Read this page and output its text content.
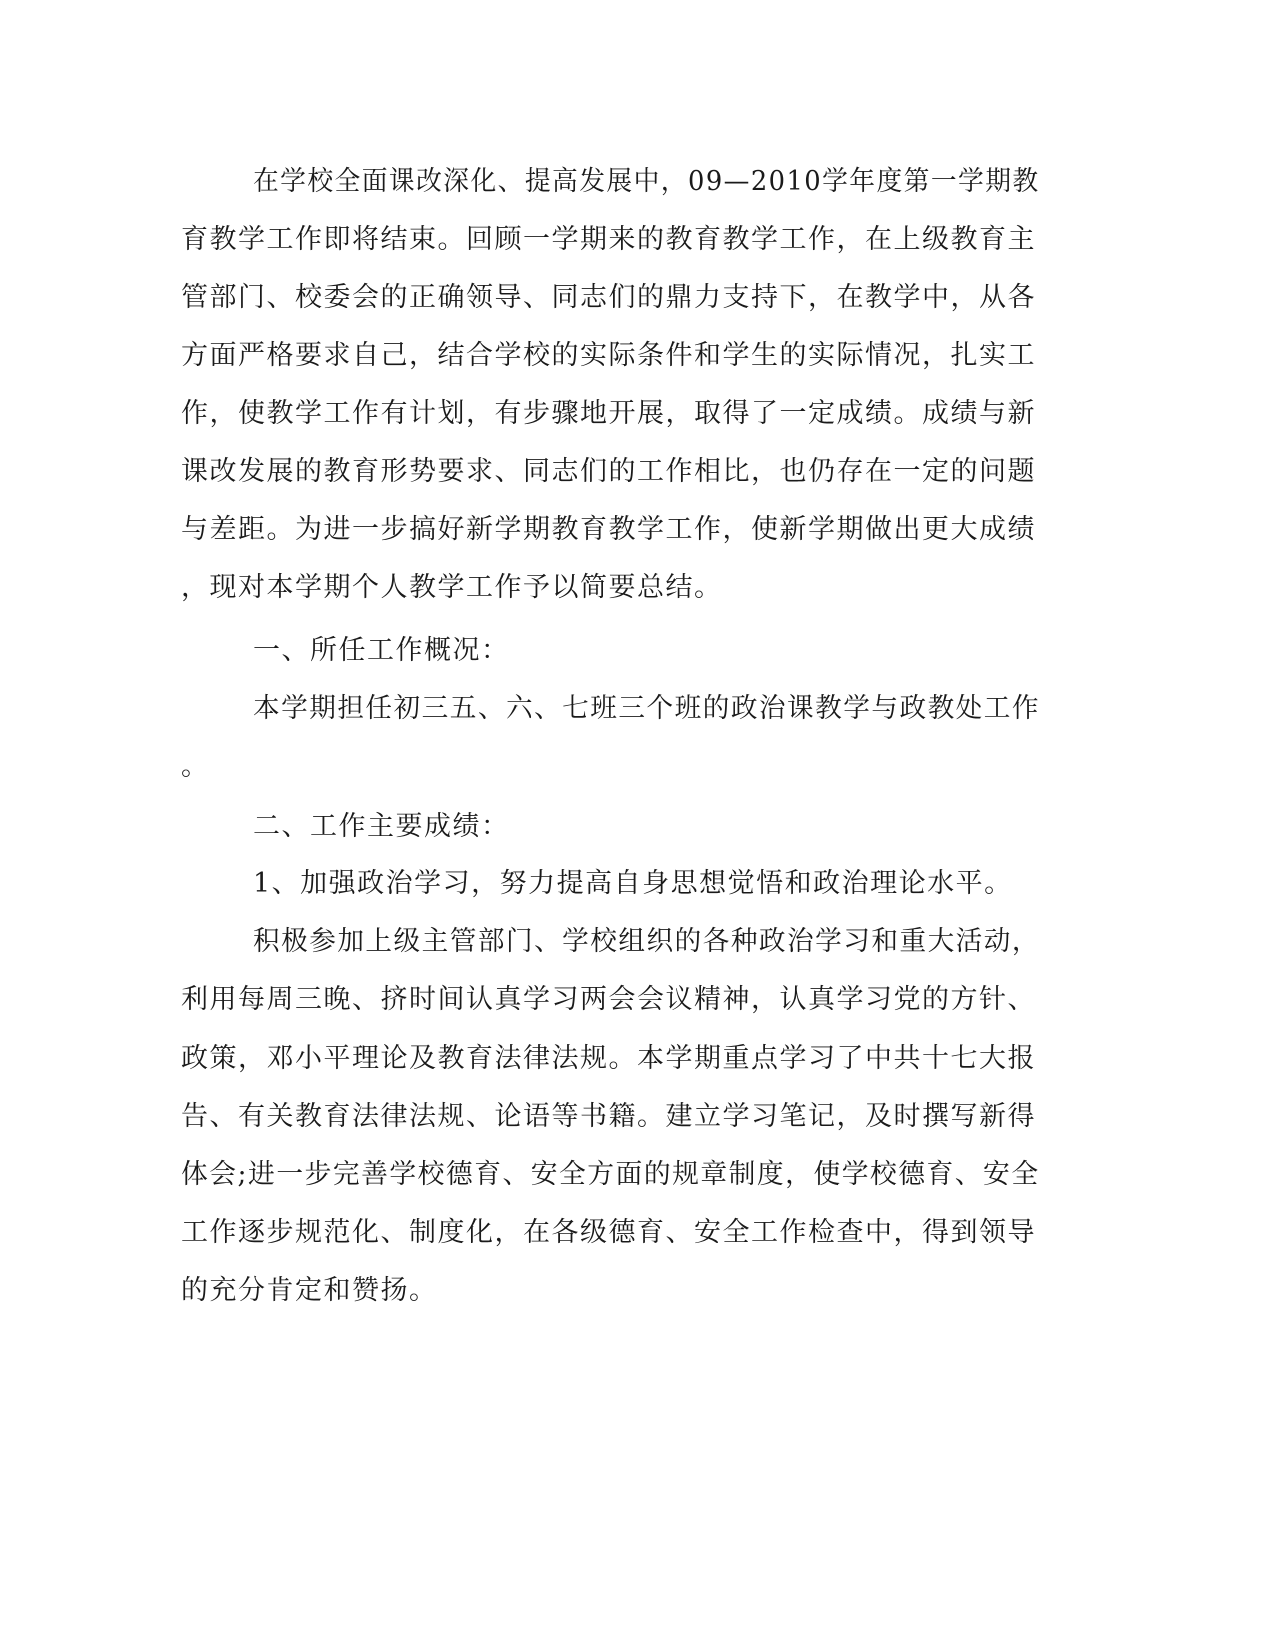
在学校全面课改深化、提高发展中，09—2010学年度第一学期教

育教学工作即将结束。回顾一学期来的教育教学工作，在上级教育主

管部门、校委会的正确领导、同志们的鼎力支持下，在教学中，从各

方面严格要求自己，结合学校的实际条件和学生的实际情况，扎实工

作，使教学工作有计划，有步骤地开展，取得了一定成绩。成绩与新

课改发展的教育形势要求、同志们的工作相比，也仍存在一定的问题

与差距。为进一步搞好新学期教育教学工作，使新学期做出更大成绩

，现对本学期个人教学工作予以简要总结。

一、所任工作概况：

本学期担任初三五、六、七班三个班的政治课教学与政教处工作

。

二、工作主要成绩：

1、加强政治学习，努力提高自身思想觉悟和政治理论水平。

积极参加上级主管部门、学校组织的各种政治学习和重大活动，

利用每周三晚、挤时间认真学习两会会议精神，认真学习党的方针、

政策，邓小平理论及教育法律法规。本学期重点学习了中共十七大报

告、有关教育法律法规、论语等书籍。建立学习笔记，及时撰写新得

体会;进一步完善学校德育、安全方面的规章制度，使学校德育、安全

工作逐步规范化、制度化，在各级德育、安全工作检查中，得到领导

的充分肯定和赞扬。
